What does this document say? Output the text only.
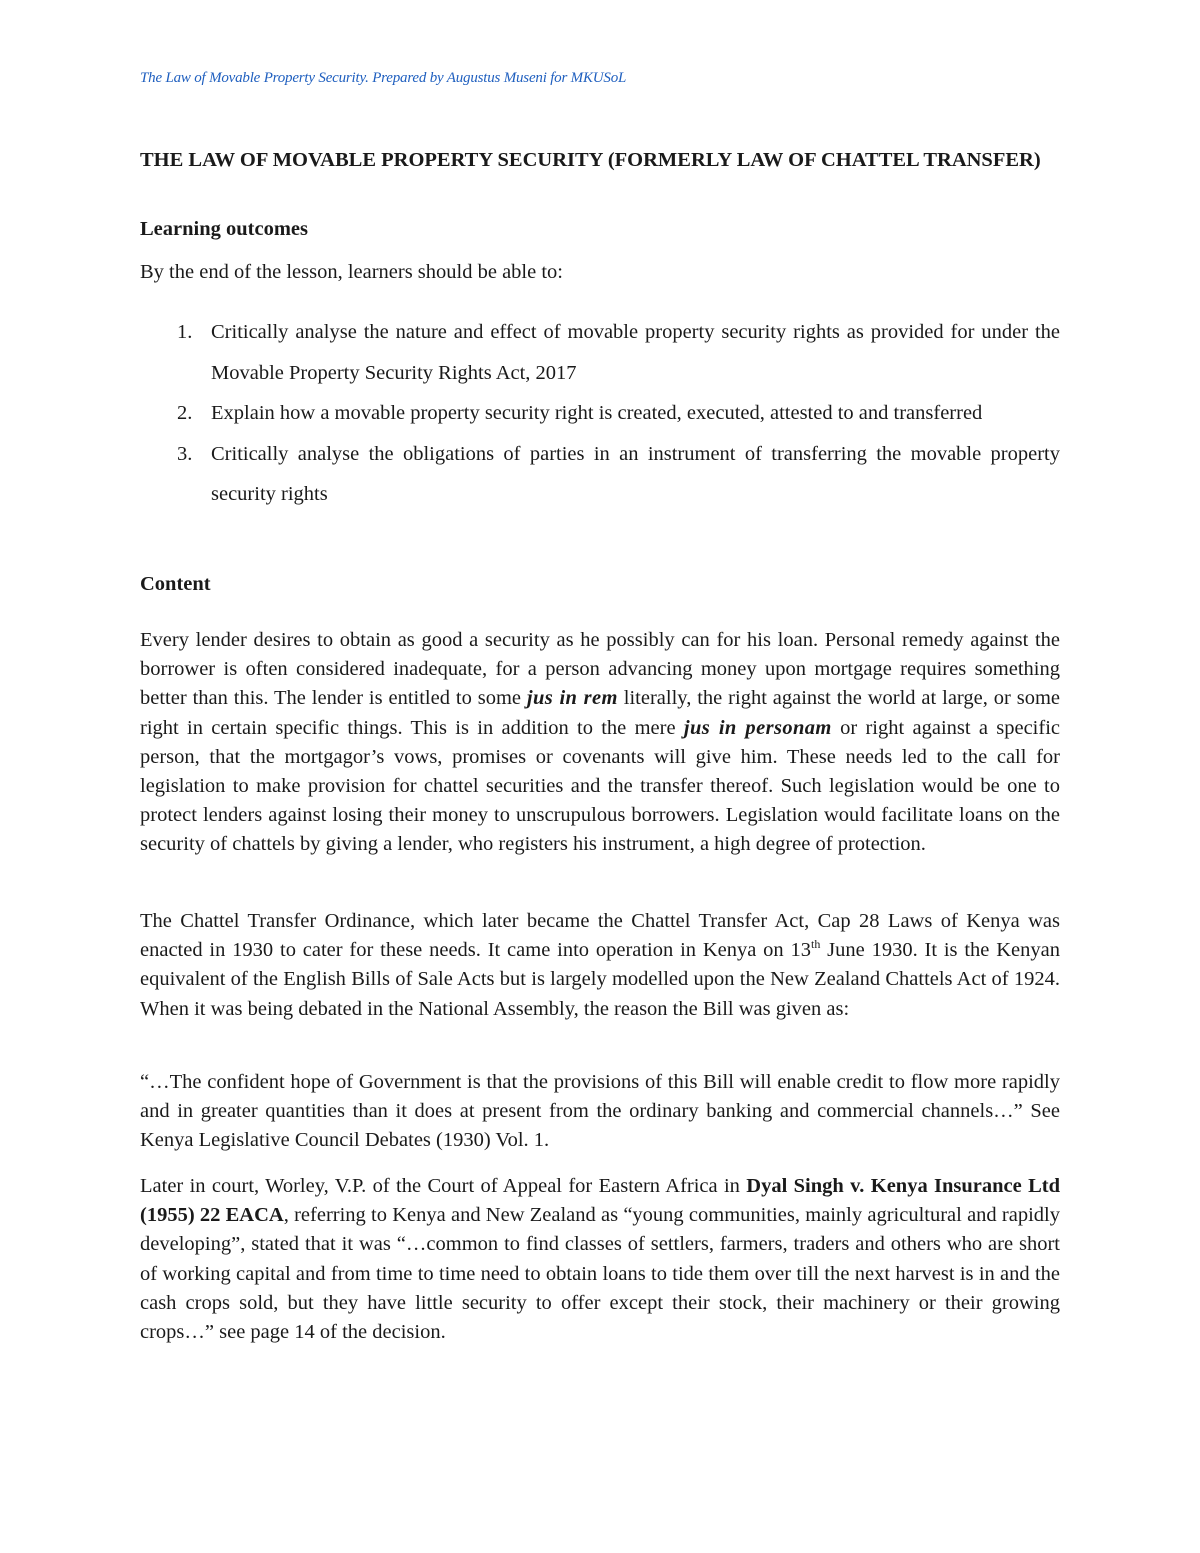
The Law of Movable Property Security. Prepared by Augustus Museni for MKUSoL
THE LAW OF MOVABLE PROPERTY SECURITY (FORMERLY LAW OF CHATTEL TRANSFER)
Learning outcomes

By the end of the lesson, learners should be able to:

1. Critically analyse the nature and effect of movable property security rights as provided for under the Movable Property Security Rights Act, 2017
2. Explain how a movable property security right is created, executed, attested to and transferred
3. Critically analyse the obligations of parties in an instrument of transferring the movable property security rights
Content

Every lender desires to obtain as good a security as he possibly can for his loan. Personal remedy against the borrower is often considered inadequate, for a person advancing money upon mortgage requires something better than this. The lender is entitled to some jus in rem literally, the right against the world at large, or some right in certain specific things. This is in addition to the mere jus in personam or right against a specific person, that the mortgagor’s vows, promises or covenants will give him. These needs led to the call for legislation to make provision for chattel securities and the transfer thereof. Such legislation would be one to protect lenders against losing their money to unscrupulous borrowers. Legislation would facilitate loans on the security of chattels by giving a lender, who registers his instrument, a high degree of protection.

The Chattel Transfer Ordinance, which later became the Chattel Transfer Act, Cap 28 Laws of Kenya was enacted in 1930 to cater for these needs. It came into operation in Kenya on 13th June 1930. It is the Kenyan equivalent of the English Bills of Sale Acts but is largely modelled upon the New Zealand Chattels Act of 1924. When it was being debated in the National Assembly, the reason the Bill was given as:

“…The confident hope of Government is that the provisions of this Bill will enable credit to flow more rapidly and in greater quantities than it does at present from the ordinary banking and commercial channels…” See Kenya Legislative Council Debates (1930) Vol. 1.

Later in court, Worley, V.P. of the Court of Appeal for Eastern Africa in Dyal Singh v. Kenya Insurance Ltd (1955) 22 EACA, referring to Kenya and New Zealand as “young communities, mainly agricultural and rapidly developing”, stated that it was “…common to find classes of settlers, farmers, traders and others who are short of working capital and from time to time need to obtain loans to tide them over till the next harvest is in and the cash crops sold, but they have little security to offer except their stock, their machinery or their growing crops…” see page 14 of the decision.
